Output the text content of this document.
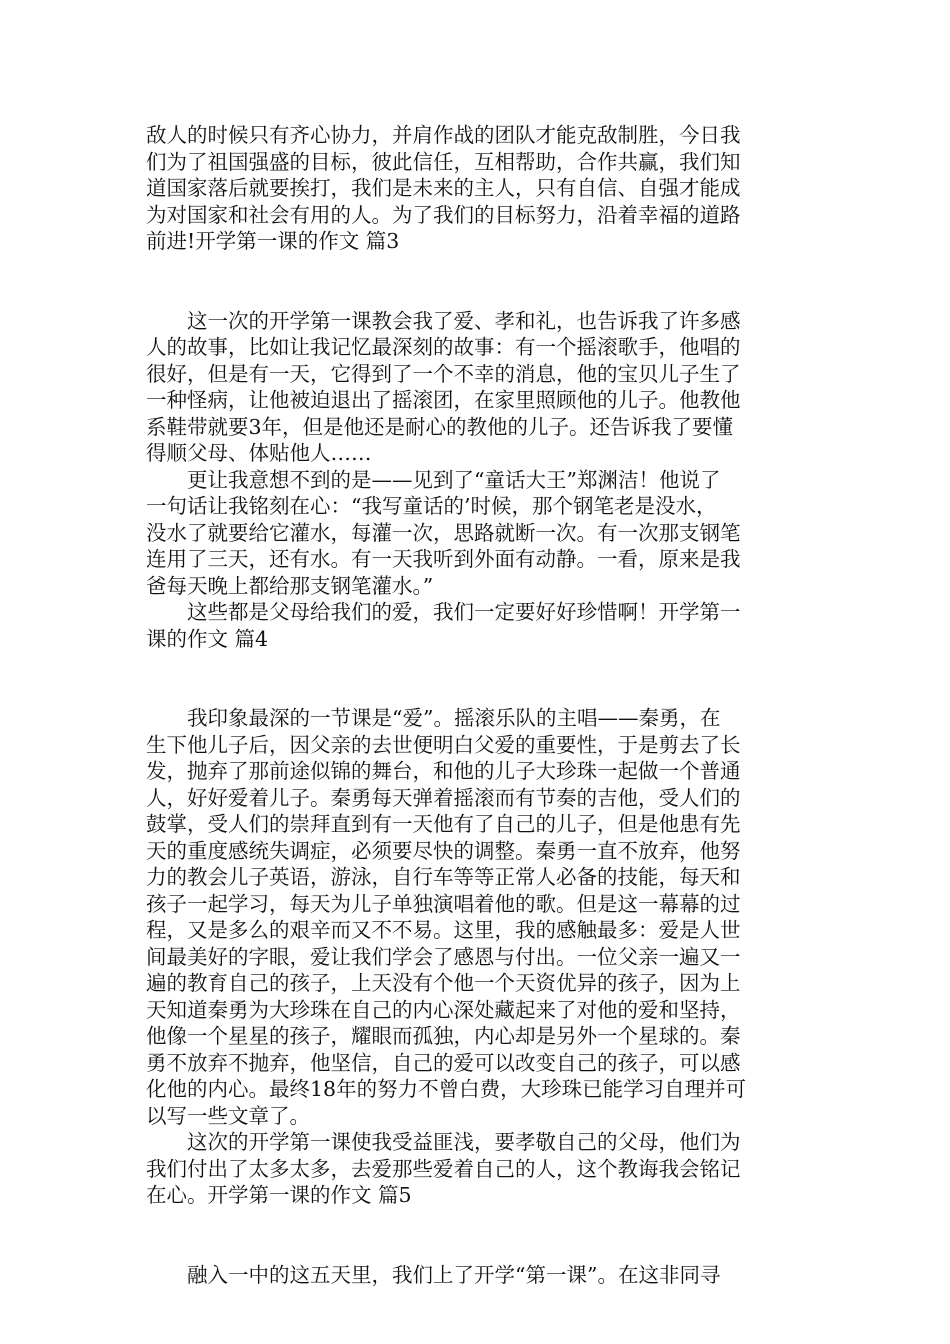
敌人的时候只有齐心协力，并肩作战的团队才能克敌制胜，今日我
们为了祖国强盛的目标，彼此信任，互相帮助，合作共赢，我们知
道国家落后就要挨打，我们是未来的主人，只有自信、自强才能成
为对国家和社会有用的人。为了我们的目标努力，沿着幸福的道路
前进!开学第一课的作文 篇3
　　这一次的开学第一课教会我了爱、孝和礼，也告诉我了许多感
人的故事，比如让我记忆最深刻的故事：有一个摇滚歌手，他唱的
很好，但是有一天，它得到了一个不幸的消息，他的宝贝儿子生了
一种怪病，让他被迫退出了摇滚团，在家里照顾他的儿子。他教他
系鞋带就要3年，但是他还是耐心的教他的儿子。还告诉我了要懂
得顺父母、体贴他人……
　　更让我意想不到的是——见到了“童话大王”郑渊洁！他说了
一句话让我铭刻在心：“我写童话的’时候，那个钢笔老是没水，
没水了就要给它灌水，每灌一次，思路就断一次。有一次那支钢笔
连用了三天，还有水。有一天我听到外面有动静。一看，原来是我
爸每天晚上都给那支钢笔灌水。”
　　这些都是父母给我们的爱，我们一定要好好珍惜啊！开学第一
课的作文 篇4
　　我印象最深的一节课是“爱”。摇滚乐队的主唱——秦勇，在
生下他儿子后，因父亲的去世便明白父爱的重要性，于是剪去了长
发，抛弃了那前途似锦的舞台，和他的儿子大珍珠一起做一个普通
人，好好爱着儿子。秦勇每天弹着摇滚而有节奏的吉他，受人们的
鼓掌，受人们的崇拜直到有一天他有了自己的儿子，但是他患有先
天的重度感统失调症，必须要尽快的调整。秦勇一直不放弃，他努
力的教会儿子英语，游泳，自行车等等正常人必备的技能，每天和
孩子一起学习，每天为儿子单独演唱着他的歌。但是这一幕幕的过
程，又是多么的艰辛而又不不易。这里，我的感触最多：爱是人世
间最美好的字眼，爱让我们学会了感恩与付出。一位父亲一遍又一
遍的教育自己的孩子，上天没有个他一个天资优异的孩子，因为上
天知道秦勇为大珍珠在自己的内心深处藏起来了对他的爱和坚持，
他像一个星星的孩子，耀眼而孤独，内心却是另外一个星球的。秦
勇不放弃不抛弃，他坚信，自己的爱可以改变自己的孩子，可以感
化他的内心。最终18年的努力不曾白费，大珍珠已能学习自理并可
以写一些文章了。
　　这次的开学第一课使我受益匪浅，要孝敬自己的父母，他们为
我们付出了太多太多，去爱那些爱着自己的人，这个教诲我会铭记
在心。开学第一课的作文 篇5
　　融入一中的这五天里，我们上了开学“第一课”。在这非同寻
